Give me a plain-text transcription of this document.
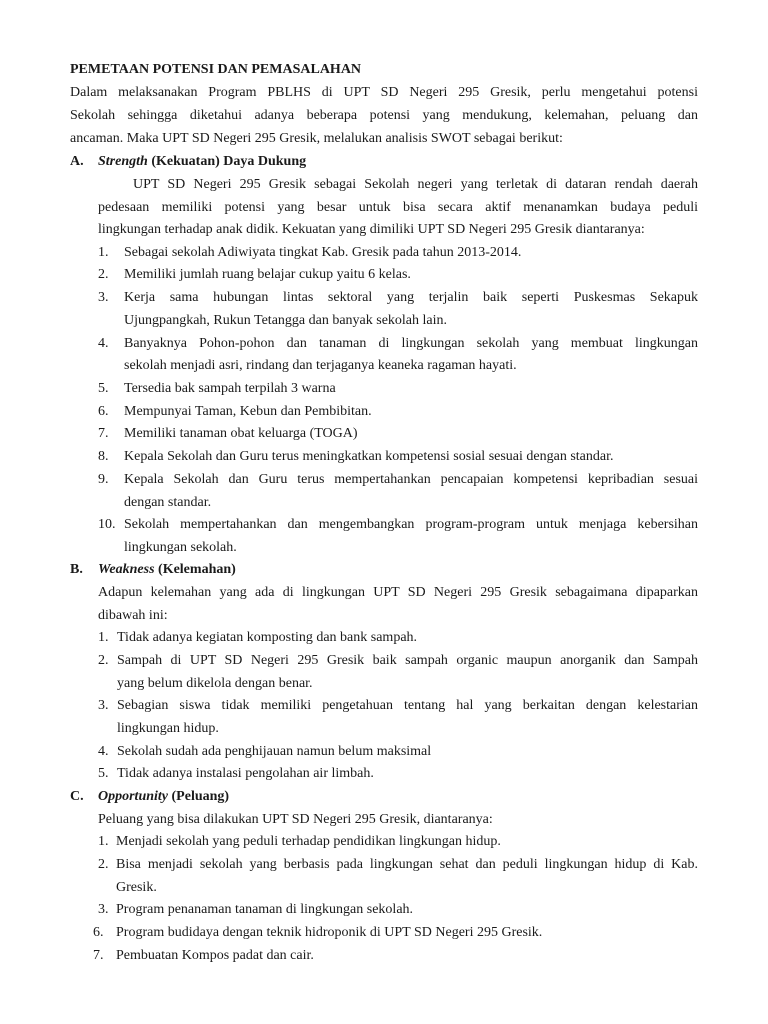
PEMETAAN POTENSI DAN PEMASALAHAN
Dalam melaksanakan Program PBLHS di UPT SD Negeri 295 Gresik, perlu mengetahui potensi
Sekolah sehingga diketahui adanya beberapa potensi yang mendukung, kelemahan, peluang dan
ancaman. Maka UPT SD Negeri 295 Gresik, melalukan analisis SWOT sebagai berikut:
A. Strength (Kekuatan) Daya Dukung
UPT SD Negeri 295 Gresik sebagai Sekolah negeri yang terletak di dataran rendah daerah
pedesaan memiliki potensi yang besar untuk bisa secara aktif menanamkan budaya peduli
lingkungan terhadap anak didik. Kekuatan yang dimiliki UPT SD Negeri 295 Gresik diantaranya:
1. Sebagai sekolah Adiwiyata tingkat Kab. Gresik pada tahun 2013-2014.
2. Memiliki jumlah ruang belajar cukup yaitu 6 kelas.
3. Kerja sama hubungan lintas sektoral yang terjalin baik seperti Puskesmas Sekapuk
Ujungpangkah, Rukun Tetangga dan banyak sekolah lain.
4. Banyaknya Pohon-pohon dan tanaman di lingkungan sekolah yang membuat lingkungan
sekolah menjadi asri, rindang dan terjaganya keaneka ragaman hayati.
5. Tersedia bak sampah terpilah 3 warna
6. Mempunyai Taman, Kebun dan Pembibitan.
7. Memiliki tanaman obat keluarga (TOGA)
8. Kepala Sekolah dan Guru terus meningkatkan kompetensi sosial sesuai dengan standar.
9. Kepala Sekolah dan Guru terus mempertahankan pencapaian kompetensi kepribadian sesuai
dengan standar.
10. Sekolah mempertahankan dan mengembangkan program-program untuk menjaga kebersihan
lingkungan sekolah.
B. Weakness (Kelemahan)
Adapun kelemahan yang ada di lingkungan UPT SD Negeri 295 Gresik sebagaimana dipaparkan
dibawah ini:
1. Tidak adanya kegiatan komposting dan bank sampah.
2. Sampah di UPT SD Negeri 295 Gresik baik sampah organic maupun anorganik dan Sampah
yang belum dikelola dengan benar.
3. Sebagian siswa tidak memiliki pengetahuan tentang hal yang berkaitan dengan kelestarian
lingkungan hidup.
4. Sekolah sudah ada penghijauan namun belum maksimal
5. Tidak adanya instalasi pengolahan air limbah.
C. Opportunity (Peluang)
Peluang yang bisa dilakukan UPT SD Negeri 295 Gresik, diantaranya:
1. Menjadi sekolah yang peduli terhadap pendidikan lingkungan hidup.
2. Bisa menjadi sekolah yang berbasis pada lingkungan sehat dan peduli lingkungan hidup di Kab.
Gresik.
3. Program penanaman tanaman di lingkungan sekolah.
6. Program budidaya dengan teknik hidroponik di UPT SD Negeri 295 Gresik.
7. Pembuatan Kompos padat dan cair.
